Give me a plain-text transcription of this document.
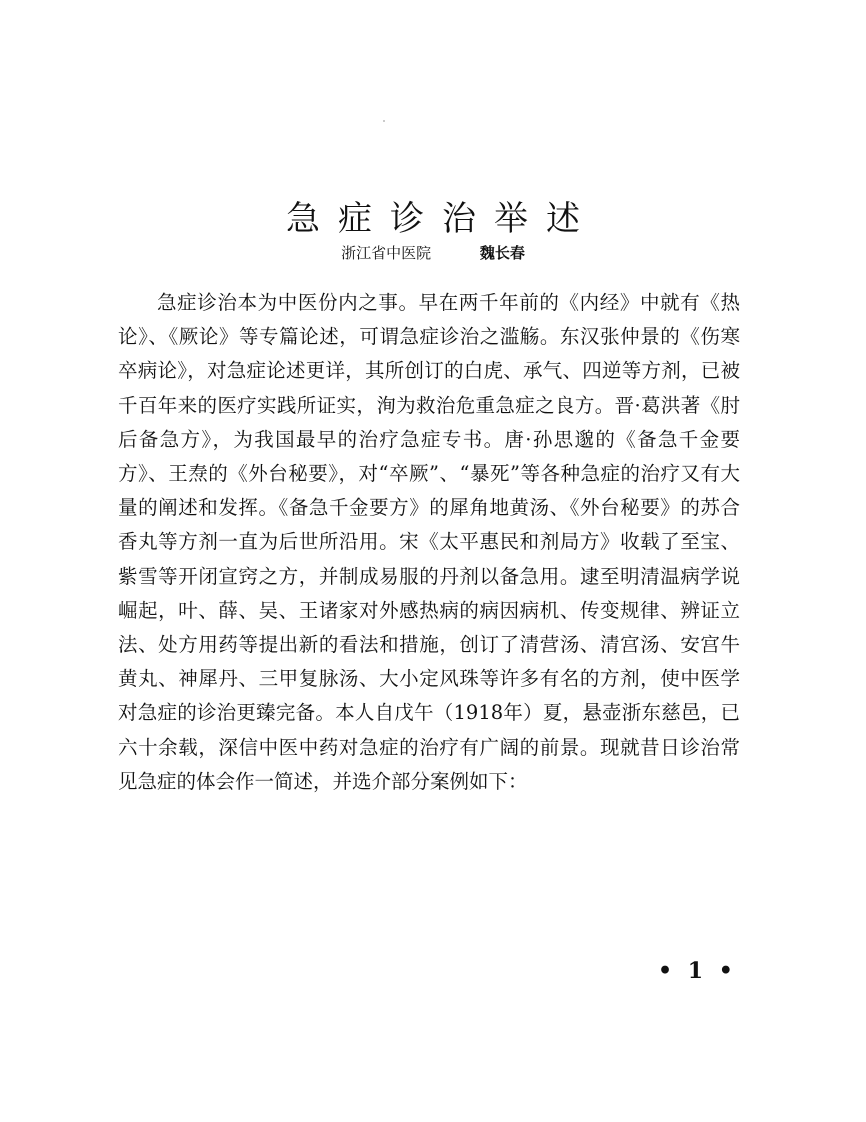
急症诊治举述
浙江省中医院	魏长春

急症诊治本为中医份内之事。早在两千年前的《内经》中就有《热论》、《厥论》等专篇论述，可谓急症诊治之滥觞。东汉张仲景的《伤寒卒病论》，对急症论述更详，其所创订的白虎、承气、四逆等方剂，已被千百年来的医疗实践所证实，洵为救治危重急症之良方。晋·葛洪著《肘后备急方》，为我国最早的治疗急症专书。唐·孙思邈的《备急千金要方》、王焘的《外台秘要》，对“卒厥”、“暴死”等各种急症的治疗又有大量的阐述和发挥。《备急千金要方》的犀角地黄汤、《外台秘要》的苏合香丸等方剂一直为后世所沿用。宋《太平惠民和剂局方》收载了至宝、紫雪等开闭宣窍之方，并制成易服的丹剂以备急用。逮至明清温病学说崛起，叶、薛、吴、王诸家对外感热病的病因病机、传变规律、辨证立法、处方用药等提出新的看法和措施，创订了清营汤、清宫汤、安宫牛黄丸、神犀丹、三甲复脉汤、大小定风珠等许多有名的方剂，使中医学对急症的诊治更臻完备。本人自戊午（1918年）夏，悬壶浙东慈邑，已六十余载，深信中医中药对急症的治疗有广阔的前景。现就昔日诊治常见急症的体会作一简述，并选介部分案例如下：

• 1 •
